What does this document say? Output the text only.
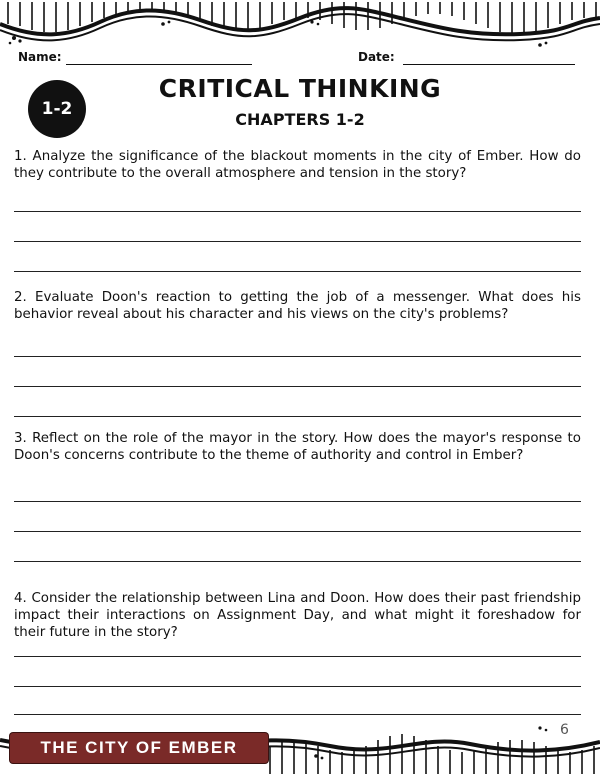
Name:	Date:
1-2
CRITICAL THINKING
CHAPTERS 1-2

1. Analyze the significance of the blackout moments in the city of Ember. How do they contribute to the overall atmosphere and tension in the story?

2. Evaluate Doon's reaction to getting the job of a messenger. What does his behavior reveal about his character and his views on the city's problems?

3. Reflect on the role of the mayor in the story. How does the mayor's response to Doon's concerns contribute to the theme of authority and control in Ember?

4. Consider the relationship between Lina and Doon. How does their past friendship impact their interactions on Assignment Day, and what might it foreshadow for their future in the story?

THE CITY OF EMBER
6
